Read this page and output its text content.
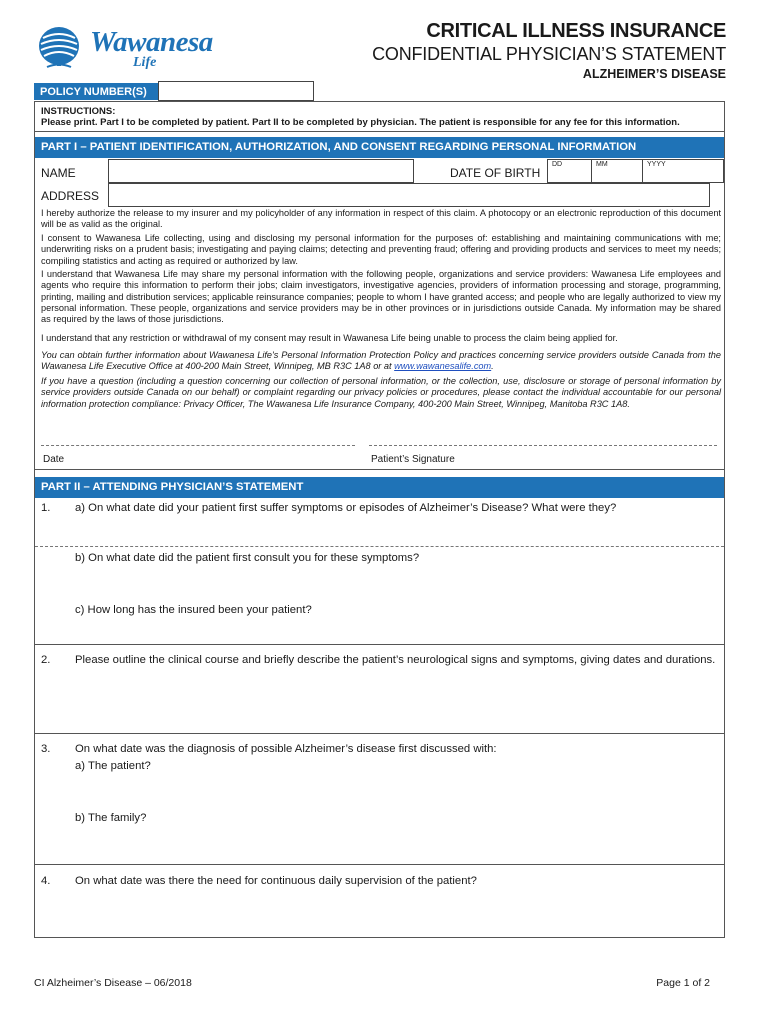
Wawanesa
Life
CRITICAL ILLNESS INSURANCE
CONFIDENTIAL PHYSICIAN’S STATEMENT
ALZHEIMER’S DISEASE
POLICY NUMBER(S)
INSTRUCTIONS:
Please print. Part I to be completed by patient. Part II to be completed by physician. The patient is responsible for any fee for this information.
PART I – PATIENT IDENTIFICATION, AUTHORIZATION, AND CONSENT REGARDING PERSONAL INFORMATION
NAME	DATE OF BIRTH
DD	MM	YYYY
ADDRESS
I hereby authorize the release to my insurer and my policyholder of any information in respect of this claim. A photocopy or an electronic reproduction of this document will be as valid as the original.
I consent to Wawanesa Life collecting, using and disclosing my personal information for the purposes of: establishing and maintaining communications with me; underwriting risks on a prudent basis; investigating and paying claims; detecting and preventing fraud; offering and providing products and services to meet my needs; compiling statistics and acting as required or authorized by law.
I understand that Wawanesa Life may share my personal information with the following people, organizations and service providers: Wawanesa Life employees and agents who require this information to perform their jobs; claim investigators, investigative agencies, providers of information processing and storage, programming, printing, mailing and distribution services; applicable reinsurance companies; people to whom I have granted access; and people who are legally authorized to view my personal information. These people, organizations and service providers may be in other provinces or in jurisdictions outside Canada. My information may be shared as required by the laws of those jurisdictions.
I understand that any restriction or withdrawal of my consent may result in Wawanesa Life being unable to process the claim being applied for.
You can obtain further information about Wawanesa Life's Personal Information Protection Policy and practices concerning service providers outside Canada from the Wawanesa Life Executive Office at 400-200 Main Street, Winnipeg, MB R3C 1A8 or at www.wawanesalife.com.
If you have a question (including a question concerning our collection of personal information, or the collection, use, disclosure or storage of personal information by service providers outside Canada on our behalf) or complaint regarding our privacy policies or procedures, please contact the individual accountable for our personal information protection compliance: Privacy Officer, The Wawanesa Life Insurance Company, 400-200 Main Street, Winnipeg, Manitoba R3C 1A8.
Date	Patient’s Signature
PART II – ATTENDING PHYSICIAN’S STATEMENT
1. a) On what date did your patient first suffer symptoms or episodes of Alzheimer’s Disease? What were they?
b) On what date did the patient first consult you for these symptoms?
c) How long has the insured been your patient?
2. Please outline the clinical course and briefly describe the patient’s neurological signs and symptoms, giving dates and durations.
3. On what date was the diagnosis of possible Alzheimer’s disease first discussed with:
a) The patient?
b) The family?
4. On what date was there the need for continuous daily supervision of the patient?
CI Alzheimer’s Disease – 06/2018	Page 1 of 2
